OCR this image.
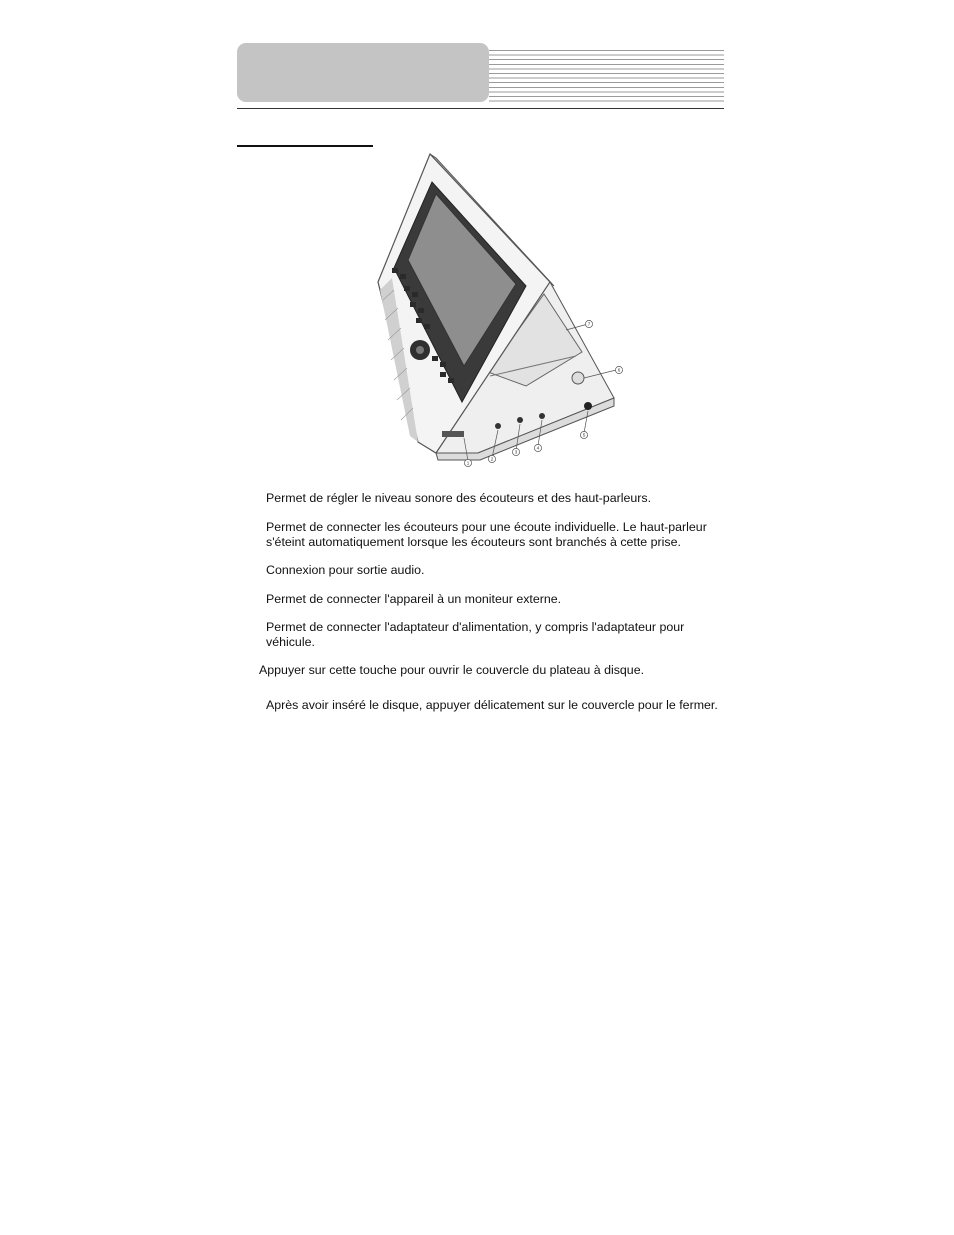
1
2
3
4
5
6
7

Permet de régler le niveau sonore des écouteurs et des haut-parleurs.

Permet de connecter les écouteurs pour une écoute individuelle. Le haut-parleur
s'éteint automatiquement lorsque les écouteurs sont branchés à cette prise.

Connexion pour sortie audio.

Permet de connecter l'appareil à un moniteur externe.

Permet de connecter l'adaptateur d'alimentation, y compris l'adaptateur pour
véhicule.

Appuyer sur cette touche pour ouvrir le couvercle du plateau à disque.

Après avoir inséré le disque, appuyer délicatement sur le couvercle pour le fermer.
